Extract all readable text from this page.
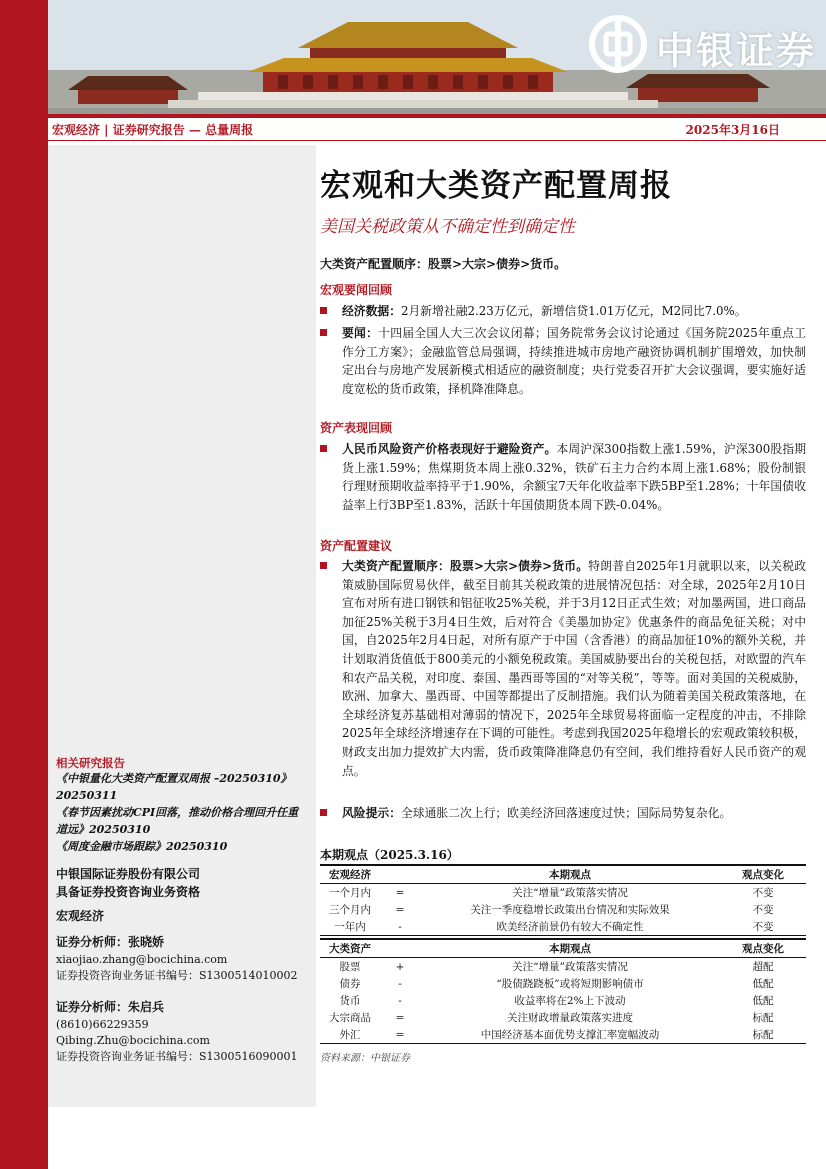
中银证券
宏观经济 | 证券研究报告 — 总量周报	2025年3月16日
相关研究报告
《中银量化大类资产配置双周报 –20250310》20250311
《春节因素扰动CPI回落，推动价格合理回升任重道远》20250310
《周度金融市场跟踪》20250310
中银国际证券股份有限公司
具备证券投资咨询业务资格
宏观经济
证券分析师：张晓娇
xiaojiao.zhang@bocichina.com
证券投资咨询业务证书编号：S1300514010002
证券分析师：朱启兵
(8610)66229359
Qibing.Zhu@bocichina.com
证券投资咨询业务证书编号：S1300516090001
宏观和大类资产配置周报
美国关税政策从不确定性到确定性
大类资产配置顺序：股票>大宗>债券>货币。
宏观要闻回顾
经济数据：2月新增社融2.23万亿元，新增信贷1.01万亿元，M2同比7.0%。
要闻：十四届全国人大三次会议闭幕；国务院常务会议讨论通过《国务院2025年重点工作分工方案》；金融监管总局强调，持续推进城市房地产融资协调机制扩围增效，加快制定出台与房地产发展新模式相适应的融资制度；央行党委召开扩大会议强调，要实施好适度宽松的货币政策，择机降准降息。
资产表现回顾
人民币风险资产价格表现好于避险资产。本周沪深300指数上涨1.59%，沪深300股指期货上涨1.59%；焦煤期货本周上涨0.32%，铁矿石主力合约本周上涨1.68%；股份制银行理财预期收益率持平于1.90%，余额宝7天年化收益率下跌5BP至1.28%；十年国债收益率上行3BP至1.83%，活跃十年国债期货本周下跌-0.04%。
资产配置建议
大类资产配置顺序：股票>大宗>债券>货币。特朗普自2025年1月就职以来，以关税政策威胁国际贸易伙伴，截至目前其关税政策的进展情况包括：对全球，2025年2月10日宣布对所有进口钢铁和铝征收25%关税，并于3月12日正式生效；对加墨两国，进口商品加征25%关税于3月4日生效，后对符合《美墨加协定》优惠条件的商品免征关税；对中国，自2025年2月4日起，对所有原产于中国（含香港）的商品加征10%的额外关税，并计划取消货值低于800美元的小额免税政策。美国威胁要出台的关税包括，对欧盟的汽车和农产品关税，对印度、泰国、墨西哥等国的“对等关税”，等等。面对美国的关税威胁，欧洲、加拿大、墨西哥、中国等都提出了反制措施。我们认为随着美国关税政策落地，在全球经济复苏基础相对薄弱的情况下，2025年全球贸易将面临一定程度的冲击，不排除2025年全球经济增速存在下调的可能性。考虑到我国2025年稳增长的宏观政策较积极，财政支出加力提效扩大内需，货币政策降准降息仍有空间，我们维持看好人民币资产的观点。
风险提示：全球通胀二次上行；欧美经济回落速度过快；国际局势复杂化。
本期观点（2025.3.16）
宏观经济		本期观点	观点变化
一个月内	=	关注“增量”政策落实情况	不变
三个月内	=	关注一季度稳增长政策出台情况和实际效果	不变
一年内	-	欧美经济前景仍有较大不确定性	不变
大类资产		本期观点	观点变化
股票	+	关注“增量”政策落实情况	超配
债券	-	“股债跷跷板”或将短期影响债市	低配
货币	-	收益率将在2%上下波动	低配
大宗商品	=	关注财政增量政策落实进度	标配
外汇	=	中国经济基本面优势支撑汇率宽幅波动	标配
资料来源：中银证券
